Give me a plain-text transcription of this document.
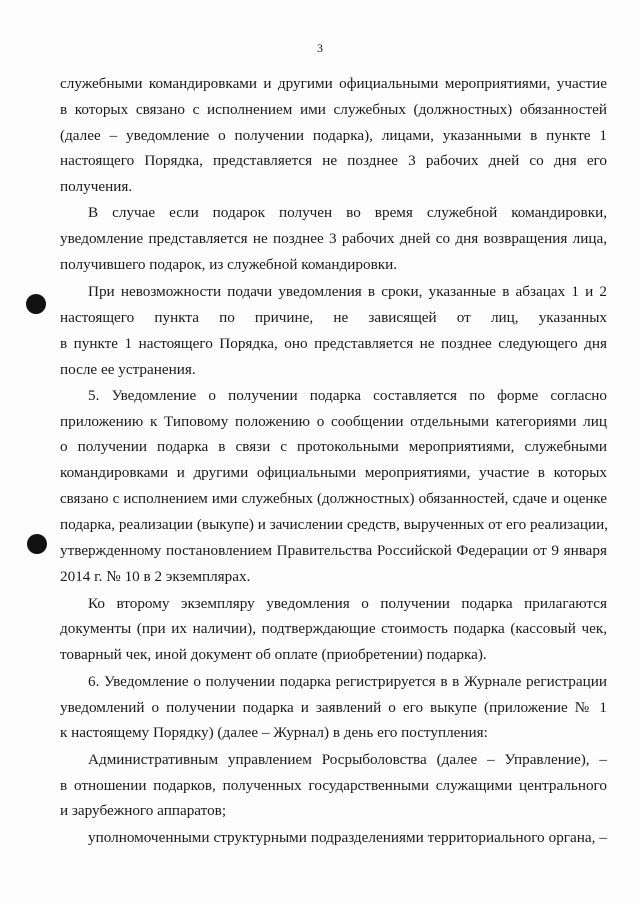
3
служебными командировками и другими официальными мероприятиями, участие
в которых связано с исполнением ими служебных (должностных) обязанностей
(далее – уведомление о получении подарка), лицами, указанными в пункте 1
настоящего Порядка, представляется не позднее 3 рабочих дней со дня его
получения.
В случае если подарок получен во время служебной командировки,
уведомление представляется не позднее 3 рабочих дней со дня возвращения лица,
получившего подарок, из служебной командировки.
При невозможности подачи уведомления в сроки, указанные в абзацах 1 и 2
настоящего пункта по причине, не зависящей от лиц, указанных
в пункте 1 настоящего Порядка, оно представляется не позднее следующего дня
после ее устранения.
5. Уведомление о получении подарка составляется по форме согласно
приложению к Типовому положению о сообщении отдельными категориями лиц
о получении подарка в связи с протокольными мероприятиями, служебными
командировками и другими официальными мероприятиями, участие в которых
связано с исполнением ими служебных (должностных) обязанностей, сдаче и оценке
подарка, реализации (выкупе) и зачислении средств, вырученных от его реализации,
утвержденному постановлением Правительства Российской Федерации от 9 января
2014 г. № 10 в 2 экземплярах.
Ко второму экземпляру уведомления о получении подарка прилагаются
документы (при их наличии), подтверждающие стоимость подарка (кассовый чек,
товарный чек, иной документ об оплате (приобретении) подарка).
6. Уведомление о получении подарка регистрируется в в Журнале регистрации
уведомлений о получении подарка и заявлений о его выкупе (приложение № 1
к настоящему Порядку) (далее – Журнал) в день его поступления:
Административным управлением Росрыболовства (далее – Управление), –
в отношении подарков, полученных государственными служащими центрального
и зарубежного аппаратов;
уполномоченными структурными подразделениями территориального органа, –
